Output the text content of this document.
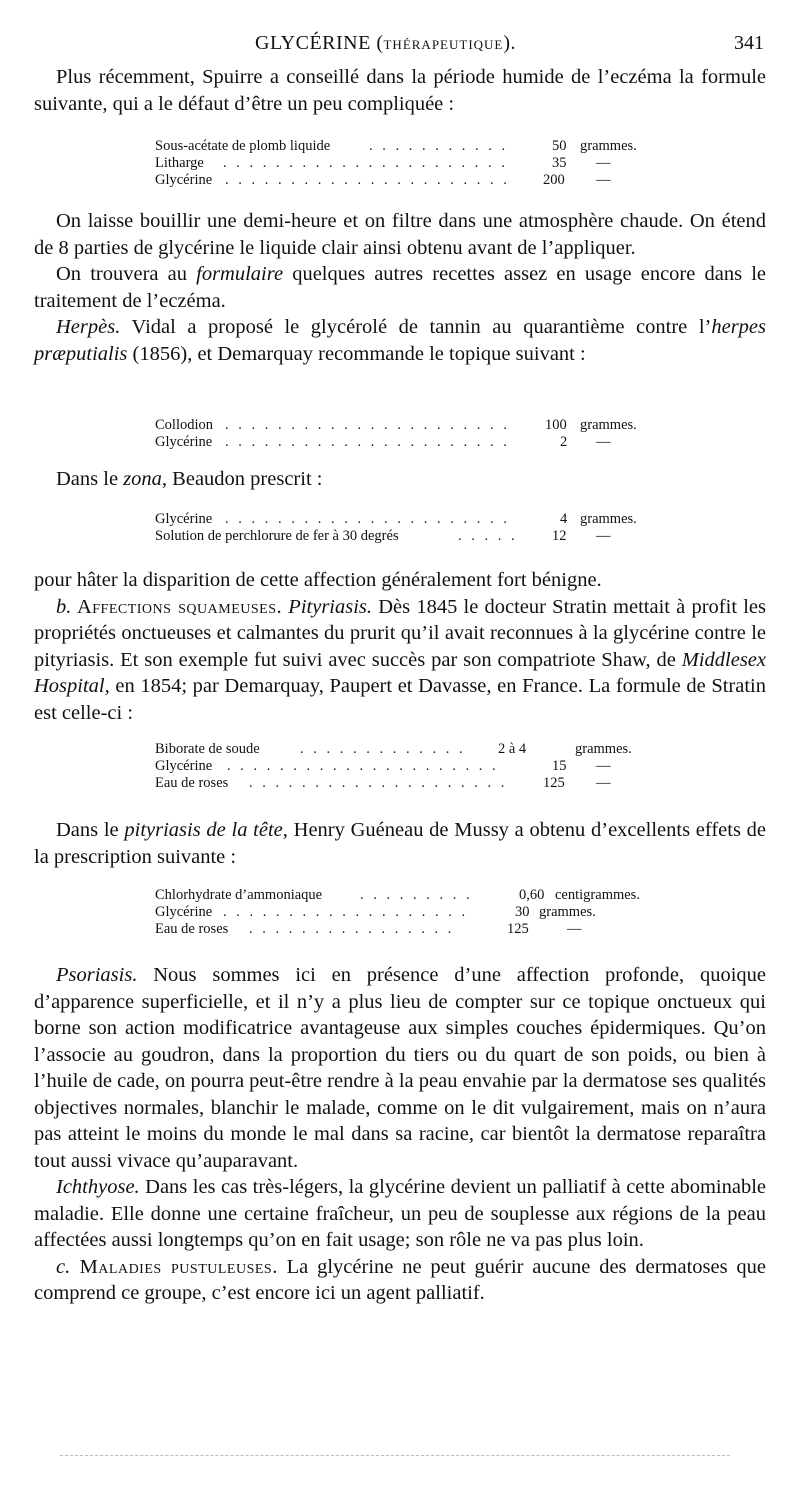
GLYCÉRINE (THÉRAPEUTIQUE).	341

Plus récemment, Spuirre a conseillé dans la période humide de l’eczéma la formule suivante, qui a le défaut d’être un peu compliquée :

Sous-acétate de plomb liquide	. . . . . . . . . . .	50 grammes.
Litharge . . . . . . . . . . . . . . . . . . . . . .	35 —
Glycérine . . . . . . . . . . . . . . . . . . . . . . 200 —

On laisse bouillir une demi-heure et on filtre dans une atmosphère chaude. On étend de 8 parties de glycérine le liquide clair ainsi obtenu avant de l’appliquer.

On trouvera au formulaire quelques autres recettes assez en usage encore dans le traitement de l’eczéma.

Herpès. Vidal a proposé le glycérolé de tannin au quarantième contre l’herpes præputialis (1856), et Demarquay recommande le topique suivant :

Collodion . . . . . . . . . . . . . . . . . . . . . . 100 grammes.
Glycérine . . . . . . . . . . . . . . . . . . . . . .	2 —

Dans le zona, Beaudon prescrit :

Glycérine . . . . . . . . . . . . . . . . . . . . . .	4 grammes.
Solution de perchlorure de fer à 30 degrés	. . . . . 12 —

pour hâter la disparition de cette affection généralement fort bénigne.

b. Affections squameuses. Pityriasis. Dès 1845 le docteur Stratin mettait à profit les propriétés onctueuses et calmantes du prurit qu’il avait reconnues à la glycérine contre le pityriasis. Et son exemple fut suivi avec succès par son compatriote Shaw, de Middlesex Hospital, en 1854; par Demarquay, Paupert et Davasse, en France. La formule de Stratin est celle-ci :

Biborate de soude	. . . . . . . . . . . . . 2 à 4	grammes.
Glycérine . . . . . . . . . . . . . . . . . . . . .	15 —
Eau de roses . . . . . . . . . . . . . . . . . . . . 125 —

Dans le pityriasis de la tête, Henry Guéneau de Mussy a obtenu d’excellents effets de la prescription suivante :

Chlorhydrate d’ammoniaque	. . . . . . . . .	0,60 centigrammes.
Glycérine . . . . . . . . . . . . . . . . . . .	30 grammes.
Eau de roses . . . . . . . . . . . . . . . .	125	—

Psoriasis. Nous sommes ici en présence d’une affection profonde, quoique d’apparence superficielle, et il n’y a plus lieu de compter sur ce topique onctueux qui borne son action modificatrice avantageuse aux simples couches épidermiques. Qu’on l’associe au goudron, dans la proportion du tiers ou du quart de son poids, ou bien à l’huile de cade, on pourra peut-être rendre à la peau envahie par la dermatose ses qualités objectives normales, blanchir le malade, comme on le dit vulgairement, mais on n’aura pas atteint le moins du monde le mal dans sa racine, car bientôt la dermatose reparaîtra tout aussi vivace qu’auparavant.

Ichthyose. Dans les cas très-légers, la glycérine devient un palliatif à cette abominable maladie. Elle donne une certaine fraîcheur, un peu de souplesse aux régions de la peau affectées aussi longtemps qu’on en fait usage; son rôle ne va pas plus loin.

c. Maladies pustuleuses. La glycérine ne peut guérir aucune des dermatoses que comprend ce groupe, c’est encore ici un agent palliatif.
